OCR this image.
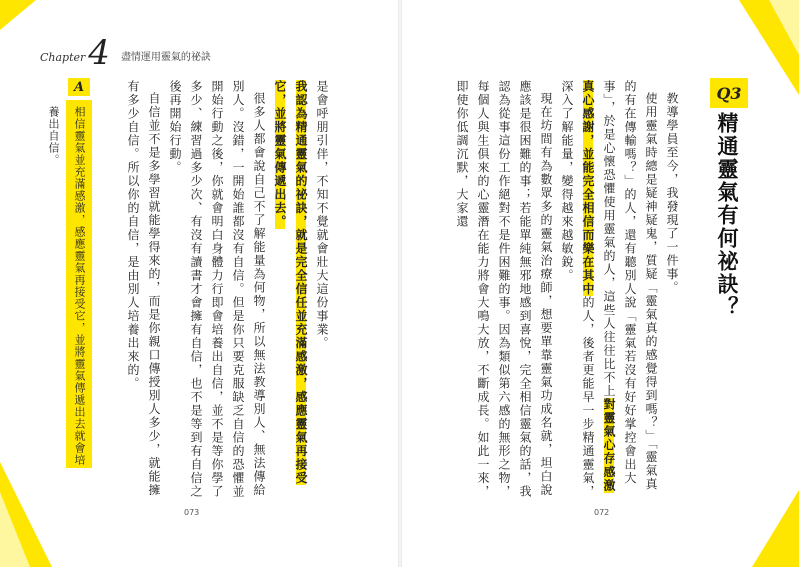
Chapter 4 盡情運用靈氣的祕訣
Q3
精通靈氣有何祕訣？
教導學員至今，我發現了一件事。
使用靈氣時總是疑神疑鬼，質疑「靈氣真的感覺得到嗎？」「靈氣真的有在傳輸嗎？」的人，還有聽別人說「靈氣若沒有好好掌控會出大事」，於是心懷恐懼使用靈氣的人，這些人往往比不上對靈氣心存感激真心感謝，並能完全相信而樂在其中的人，後者更能早一步精通靈氣，深入了解能量，變得越來越敏銳。
現在坊間有為數眾多的靈氣治療師，想要單靠靈氣功成名就，坦白說應該是很困難的事；若能單純無邪地感到喜悅，完全相信靈氣的話，我認為從事這份工作絕對不是件困難的事。因為類似第六感的無形之物，每個人與生俱來的心靈潛在能力將會大鳴大放，不斷成長。如此一來，即使你低調沉默，大家還
是會呼朋引伴，不知不覺就會壯大這份事業。
我認為精通靈氣的祕訣，就是完全信任並充滿感激，感應靈氣再接受它，並將靈氣傳遞出去。
很多人都會說自己不了解能量為何物，所以無法教導別人、無法傳給別人。沒錯，一開始誰都沒有自信。但是你只要克服缺乏自信的恐懼並開始行動之後，你就會明白身體力行即會培養出自信，並不是等你學了多少、練習過多少次、有沒有讀書才會擁有自信，也不是等到有自信之後再開始行動。
自信並不是多學習就能學得來的，而是你親口傳授別人多少，就能擁有多少自信。所以你的自信，是由別人培養出來的。
A
相信靈氣並充滿感激，感應靈氣再接受它，並將靈氣傳遞出去就會培養出自信。
073	072
